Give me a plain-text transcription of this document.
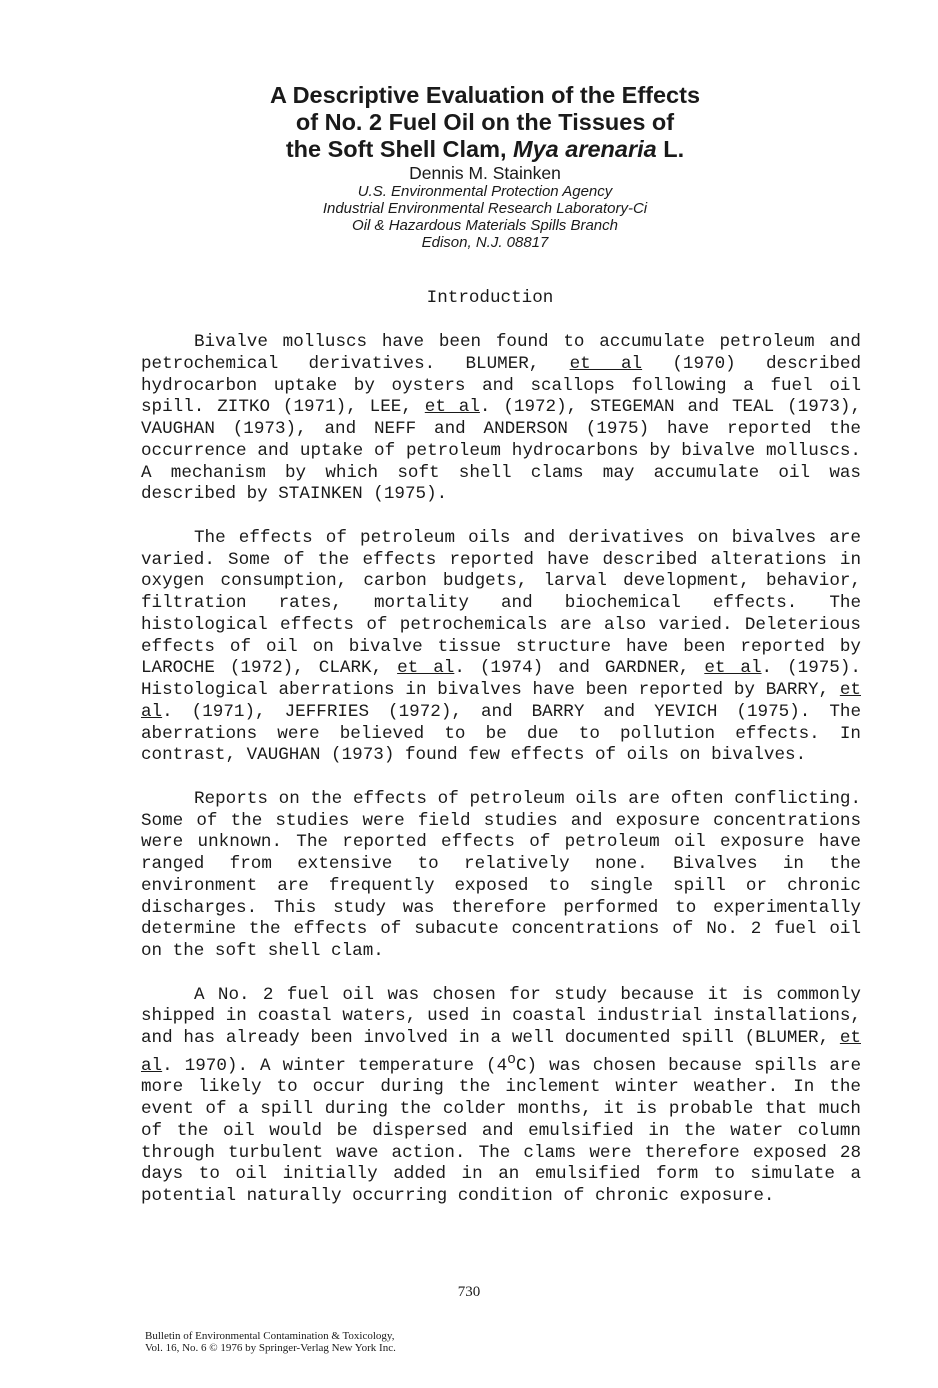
A Descriptive Evaluation of the Effects
of No. 2 Fuel Oil on the Tissues of
the Soft Shell Clam, Mya arenaria L.

Dennis M. Stainken

U.S. Environmental Protection Agency

Industrial Environmental Research Laboratory-Ci

Oil & Hazardous Materials Spills Branch

Edison, N.J. 08817

Introduction

Bivalve molluscs have been found to accumulate petroleum and petrochemical derivatives. BLUMER, et al (1970) described hydrocarbon uptake by oysters and scallops following a fuel oil spill. ZITKO (1971), LEE, et al. (1972), STEGEMAN and TEAL (1973), VAUGHAN (1973), and NEFF and ANDERSON (1975) have reported the occurrence and uptake of petroleum hydrocarbons by bivalve molluscs. A mechanism by which soft shell clams may accumulate oil was described by STAINKEN (1975).

The effects of petroleum oils and derivatives on bivalves are varied. Some of the effects reported have described alterations in oxygen consumption, carbon budgets, larval development, behavior, filtration rates, mortality and biochemical effects. The histological effects of petrochemicals are also varied. Deleterious effects of oil on bivalve tissue structure have been reported by LAROCHE (1972), CLARK, et al. (1974) and GARDNER, et al. (1975). Histological aberrations in bivalves have been reported by BARRY, et al. (1971), JEFFRIES (1972), and BARRY and YEVICH (1975). The aberrations were believed to be due to pollution effects. In contrast, VAUGHAN (1973) found few effects of oils on bivalves.

Reports on the effects of petroleum oils are often conflicting. Some of the studies were field studies and exposure concentrations were unknown. The reported effects of petroleum oil exposure have ranged from extensive to relatively none. Bivalves in the environment are frequently exposed to single spill or chronic discharges. This study was therefore performed to experimentally determine the effects of subacute concentrations of No. 2 fuel oil on the soft shell clam.

A No. 2 fuel oil was chosen for study because it is commonly shipped in coastal waters, used in coastal industrial installations, and has already been involved in a well documented spill (BLUMER, et al. 1970). A winter temperature (4$^o$C) was chosen because spills are more likely to occur during the inclement winter weather. In the event of a spill during the colder months, it is probable that much of the oil would be dispersed and emulsified in the water column through turbulent wave action. The clams were therefore exposed 28 days to oil initially added in an emulsified form to simulate a potential naturally occurring condition of chronic exposure.

730
Bulletin of Environmental Contamination & Toxicology,
Vol. 16, No. 6 © 1976 by Springer-Verlag New York Inc.
